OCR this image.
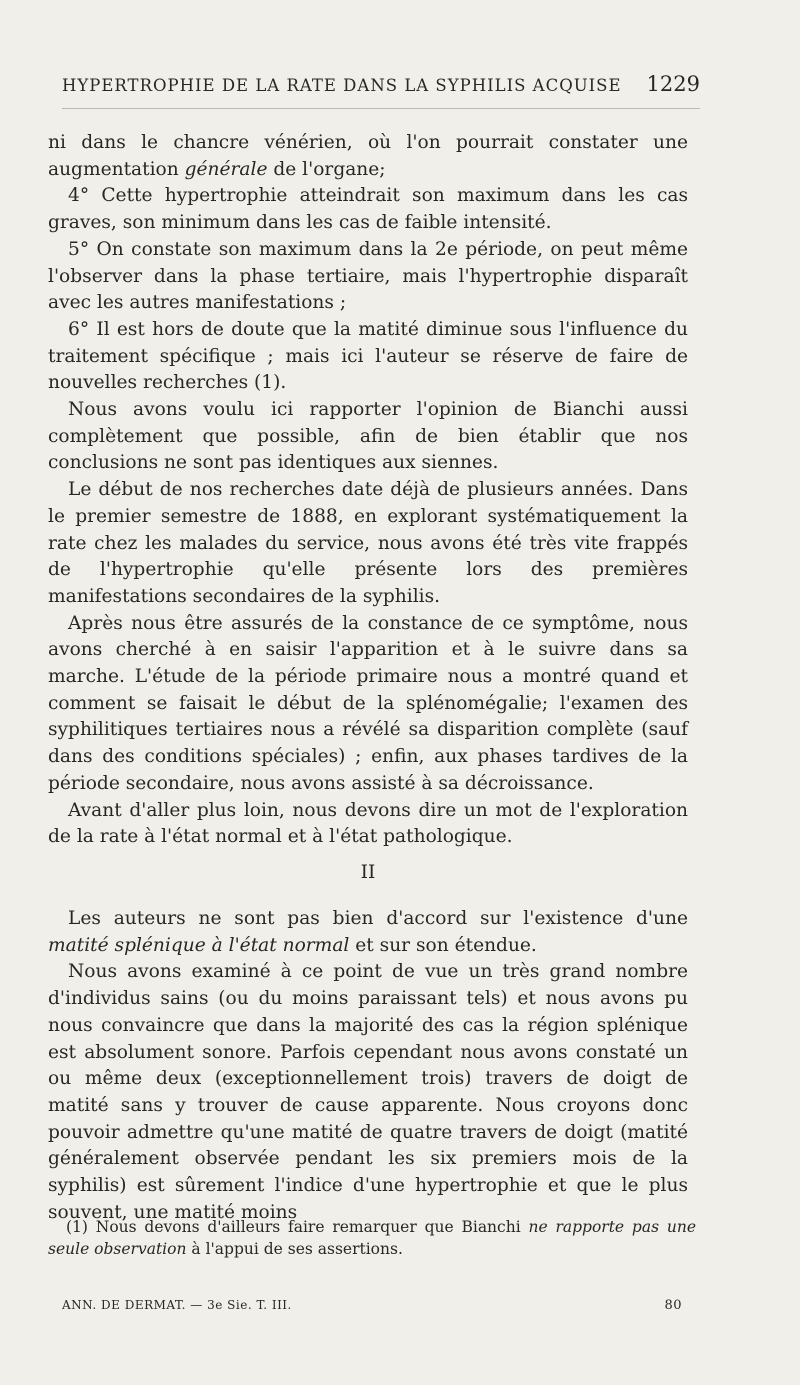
HYPERTROPHIE DE LA RATE DANS LA SYPHILIS ACQUISE 1229

ni dans le chancre vénérien, où l'on pourrait constater une augmentation générale de l'organe;

4° Cette hypertrophie atteindrait son maximum dans les cas graves, son minimum dans les cas de faible intensité.

5° On constate son maximum dans la 2e période, on peut même l'observer dans la phase tertiaire, mais l'hypertrophie disparaît avec les autres manifestations ;

6° Il est hors de doute que la matité diminue sous l'influence du traitement spécifique ; mais ici l'auteur se réserve de faire de nouvelles recherches (1).

Nous avons voulu ici rapporter l'opinion de Bianchi aussi complètement que possible, afin de bien établir que nos conclusions ne sont pas identiques aux siennes.

Le début de nos recherches date déjà de plusieurs années. Dans le premier semestre de 1888, en explorant systématiquement la rate chez les malades du service, nous avons été très vite frappés de l'hypertrophie qu'elle présente lors des premières manifestations secondaires de la syphilis.

Après nous être assurés de la constance de ce symptôme, nous avons cherché à en saisir l'apparition et à le suivre dans sa marche. L'étude de la période primaire nous a montré quand et comment se faisait le début de la splénomégalie; l'examen des syphilitiques tertiaires nous a révélé sa disparition complète (sauf dans des conditions spéciales) ; enfin, aux phases tardives de la période secondaire, nous avons assisté à sa décroissance.

Avant d'aller plus loin, nous devons dire un mot de l'exploration de la rate à l'état normal et à l'état pathologique.

II

Les auteurs ne sont pas bien d'accord sur l'existence d'une matité splénique à l'état normal et sur son étendue.

Nous avons examiné à ce point de vue un très grand nombre d'individus sains (ou du moins paraissant tels) et nous avons pu nous convaincre que dans la majorité des cas la région splénique est absolument sonore. Parfois cependant nous avons constaté un ou même deux (exceptionnellement trois) travers de doigt de matité sans y trouver de cause apparente. Nous croyons donc pouvoir admettre qu'une matité de quatre travers de doigt (matité généralement observée pendant les six premiers mois de la syphilis) est sûrement l'indice d'une hypertrophie et que le plus souvent, une matité moins

(1) Nous devons d'ailleurs faire remarquer que Bianchi ne rapporte pas une seule observation à l'appui de ses assertions.

ANN. DE DERMAT. — 3e Sie. T. III.	80
